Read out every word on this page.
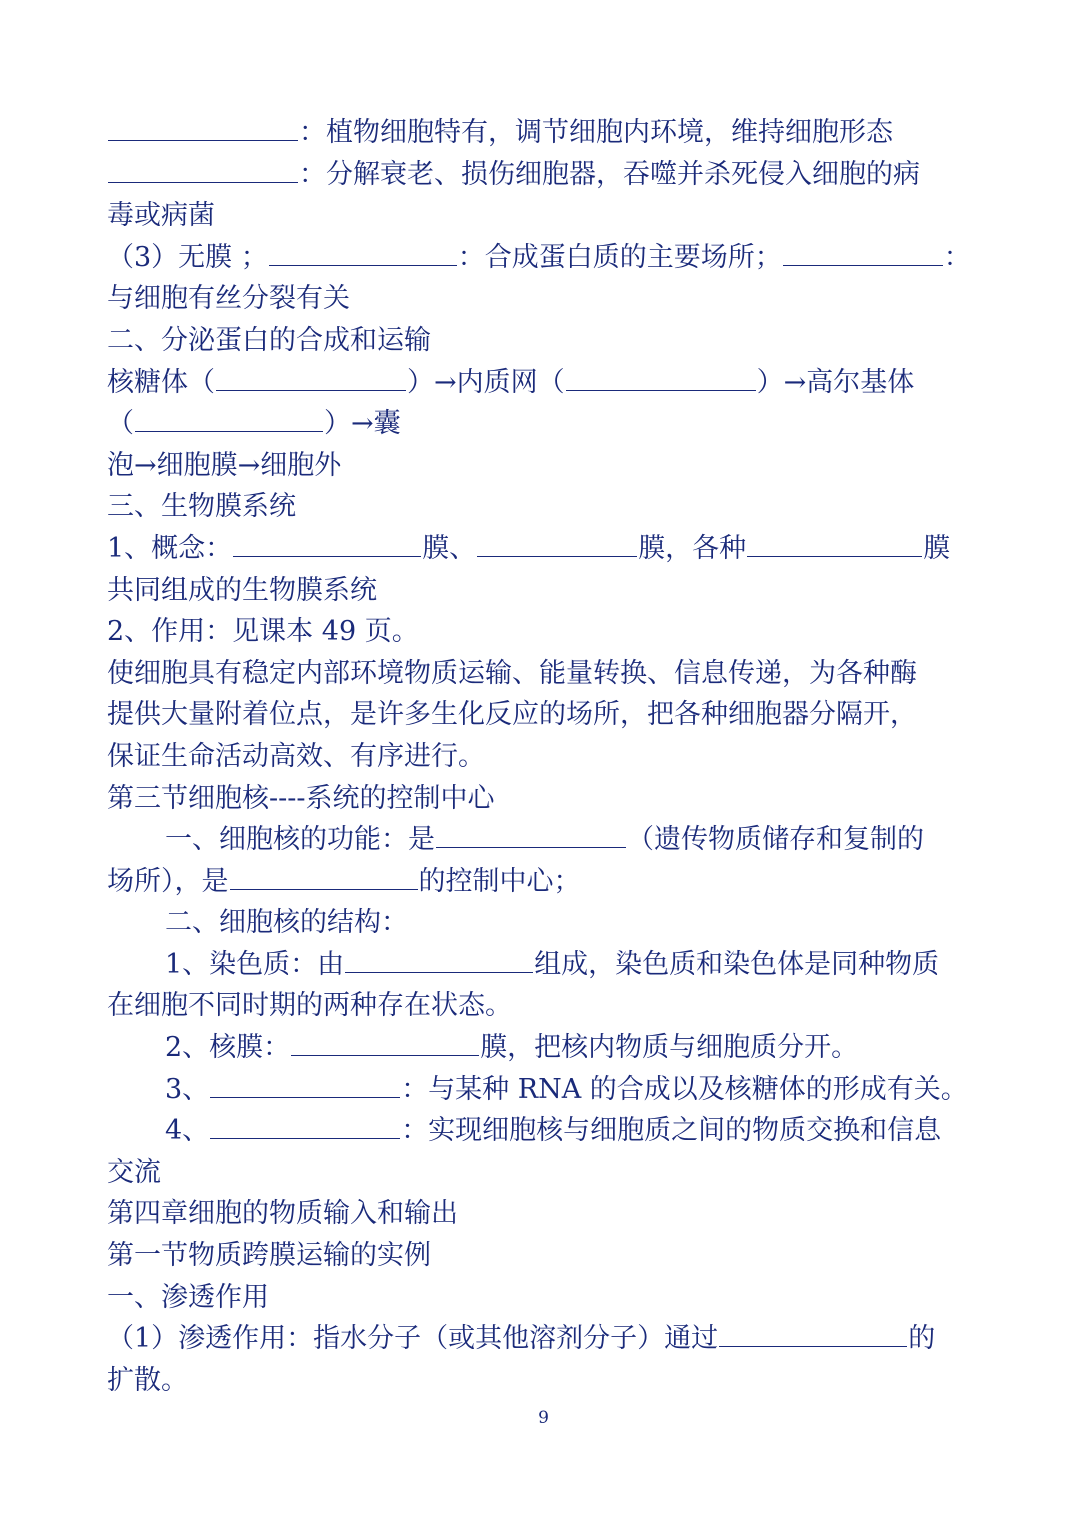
：植物细胞特有，调节细胞内环境，维持细胞形态
：分解衰老、损伤细胞器，吞噬并杀死侵入细胞的病
毒或病菌
（3）无膜 ；	：合成蛋白质的主要场所；	：
与细胞有丝分裂有关
二、分泌蛋白的合成和运输
核糖体（	）→内质网（	）→高尔基体
（	）→囊
泡→细胞膜→细胞外
三、生物膜系统
1、概念：	膜、	膜，各种	膜
共同组成的生物膜系统
2、作用：见课本 49 页。
使细胞具有稳定内部环境物质运输、能量转换、信息传递，为各种酶
提供大量附着位点，是许多生化反应的场所，把各种细胞器分隔开，
保证生命活动高效、有序进行。
第三节细胞核----系统的控制中心
一、细胞核的功能：是	（遗传物质储存和复制的
场所），是	的控制中心；
二、细胞核的结构：
1、染色质：由	组成，染色质和染色体是同种物质
在细胞不同时期的两种存在状态。
2、核膜：	膜，把核内物质与细胞质分开。
3、	：与某种 RNA 的合成以及核糖体的形成有关。
4、	：实现细胞核与细胞质之间的物质交换和信息
交流
第四章细胞的物质输入和输出
第一节物质跨膜运输的实例
一、渗透作用
（1）渗透作用：指水分子（或其他溶剂分子）通过	的
扩散。
9
